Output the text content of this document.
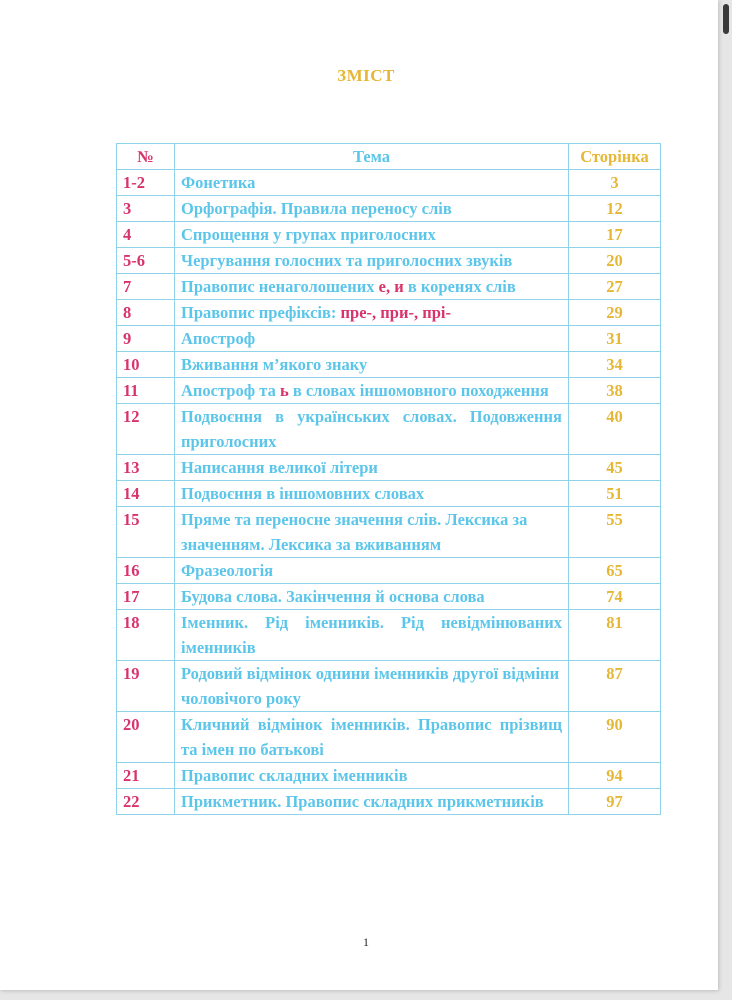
ЗМІСТ
№	Тема	Сторінка
1-2	Фонетика	3
3	Орфографія. Правила переносу слів	12
4	Спрощення у групах приголосних	17
5-6	Чергування голосних та приголосних звуків	20
7	Правопис ненаголошених е, и в коренях слів	27
8	Правопис префіксів: пре-, при-, прі-	29
9	Апостроф	31
10	Вживання м’якого знаку	34
11	Апостроф та ь в словах іншомовного походження	38
12	Подвоєння в українських словах. Подовження приголосних	40
13	Написання великої літери	45
14	Подвоєння в іншомовних словах	51
15	Пряме та переносне значення слів. Лексика за значенням. Лексика за вживанням	55
16	Фразеологія	65
17	Будова слова. Закінчення й основа слова	74
18	Іменник. Рід іменників. Рід невідмінюваних іменників	81
19	Родовий відмінок однини іменників другої відміни чоловічого року	87
20	Кличний відмінок іменників. Правопис прізвищ та імен по батькові	90
21	Правопис складних іменників	94
22	Прикметник. Правопис складних прикметників	97
1
